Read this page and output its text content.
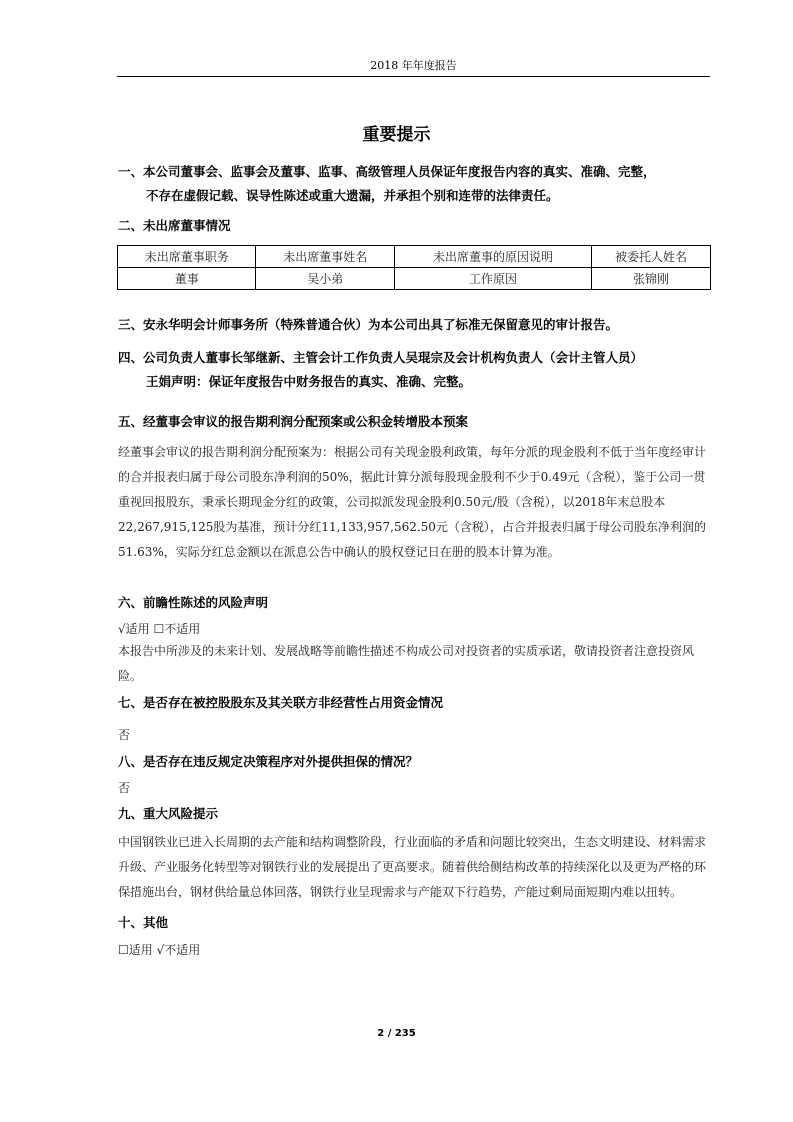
2018 年年度报告
重要提示
一、本公司董事会、监事会及董事、监事、高级管理人员保证年度报告内容的真实、准确、完整，
不存在虚假记载、误导性陈述或重大遗漏，并承担个别和连带的法律责任。
二、未出席董事情况
未出席董事职务	未出席董事姓名	未出席董事的原因说明	被委托人姓名
董事	吴小弟	工作原因	张锦刚
三、安永华明会计师事务所（特殊普通合伙）为本公司出具了标准无保留意见的审计报告。
四、公司负责人董事长邹继新、主管会计工作负责人吴琨宗及会计机构负责人（会计主管人员）
王娟声明：保证年度报告中财务报告的真实、准确、完整。
五、经董事会审议的报告期利润分配预案或公积金转增股本预案
经董事会审议的报告期利润分配预案为：根据公司有关现金股利政策，每年分派的现金股利不低于当年度经审计的合并报表归属于母公司股东净利润的50%，据此计算分派每股现金股利不少于0.49元（含税），鉴于公司一贯重视回报股东，秉承长期现金分红的政策，公司拟派发现金股利0.50元/股（含税），以2018年末总股本22,267,915,125股为基准，预计分红11,133,957,562.50元（含税），占合并报表归属于母公司股东净利润的51.63%，实际分红总金额以在派息公告中确认的股权登记日在册的股本计算为准。
六、前瞻性陈述的风险声明
√适用 ☐不适用
本报告中所涉及的未来计划、发展战略等前瞻性描述不构成公司对投资者的实质承诺，敬请投资者注意投资风险。
七、是否存在被控股股东及其关联方非经营性占用资金情况
否
八、是否存在违反规定决策程序对外提供担保的情况？
否
九、重大风险提示
中国钢铁业已进入长周期的去产能和结构调整阶段，行业面临的矛盾和问题比较突出，生态文明建设、材料需求升级、产业服务化转型等对钢铁行业的发展提出了更高要求。随着供给侧结构改革的持续深化以及更为严格的环保措施出台，钢材供给量总体回落，钢铁行业呈现需求与产能双下行趋势，产能过剩局面短期内难以扭转。
十、其他
☐适用 √不适用
2 / 235
